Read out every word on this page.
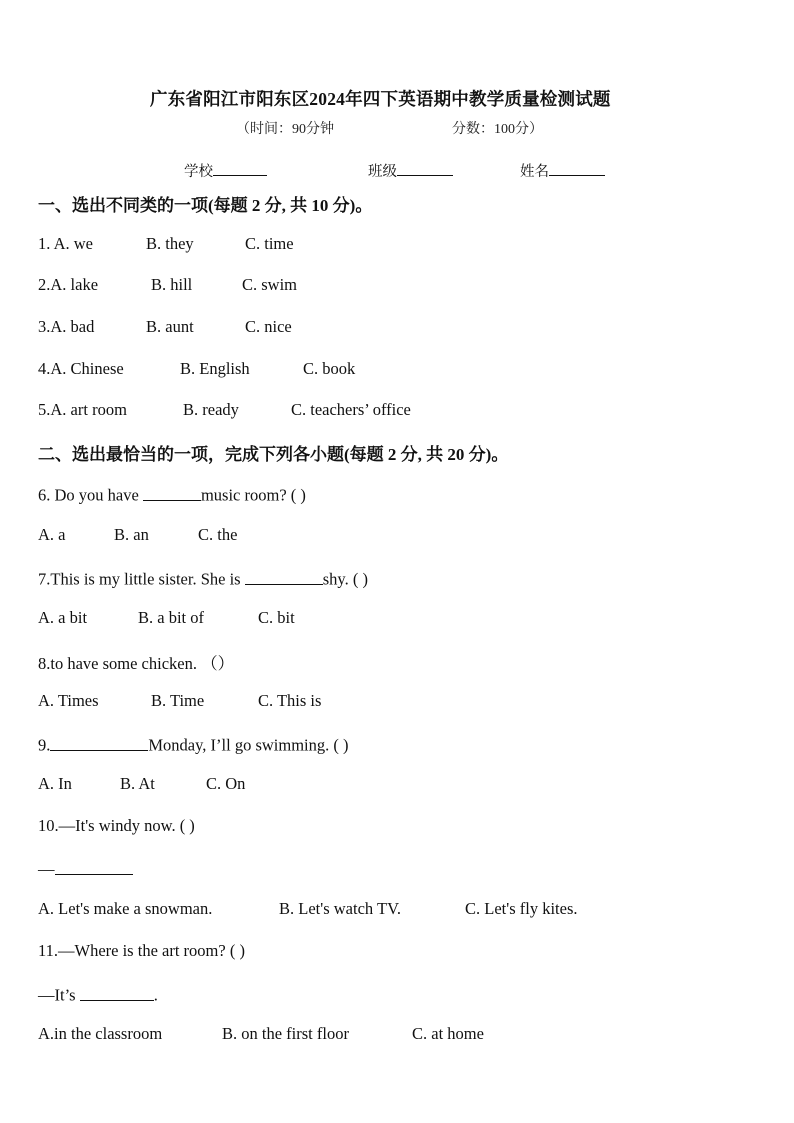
广东省阳江市阳东区2024年四下英语期中教学质量检测试题
（时间：90分钟	分数：100分）
学校	班级	姓名
一、选出不同类的一项(每题 2 分, 共 10 分)。
1. A. we	B. they	C. time
2.A. lake	B. hill	C. swim
3.A. bad	B. aunt	C. nice
4.A. Chinese	B. English	C. book
5.A. art room	B. ready	C. teachers’ office
二、选出最恰当的一项，完成下列各小题(每题 2 分, 共 20 分)。
6. Do you have	music room? ( )
A. a	B. an	C. the
7.This is my little sister. She is	shy. ( )
A. a bit	B. a bit of	C. bit
8.to have some chicken. （）
A. Times	B. Time	C. This is
9.	Monday, I’ll go swimming. ( )
A. In	B. At	C. On
10.—It's windy now. ( )
—
A. Let's make a snowman.	B. Let's watch TV.	C. Let's fly kites.
11.—Where is the art room? ( )
—It’s	.
A.in the classroom	B. on the first floor	C. at home
